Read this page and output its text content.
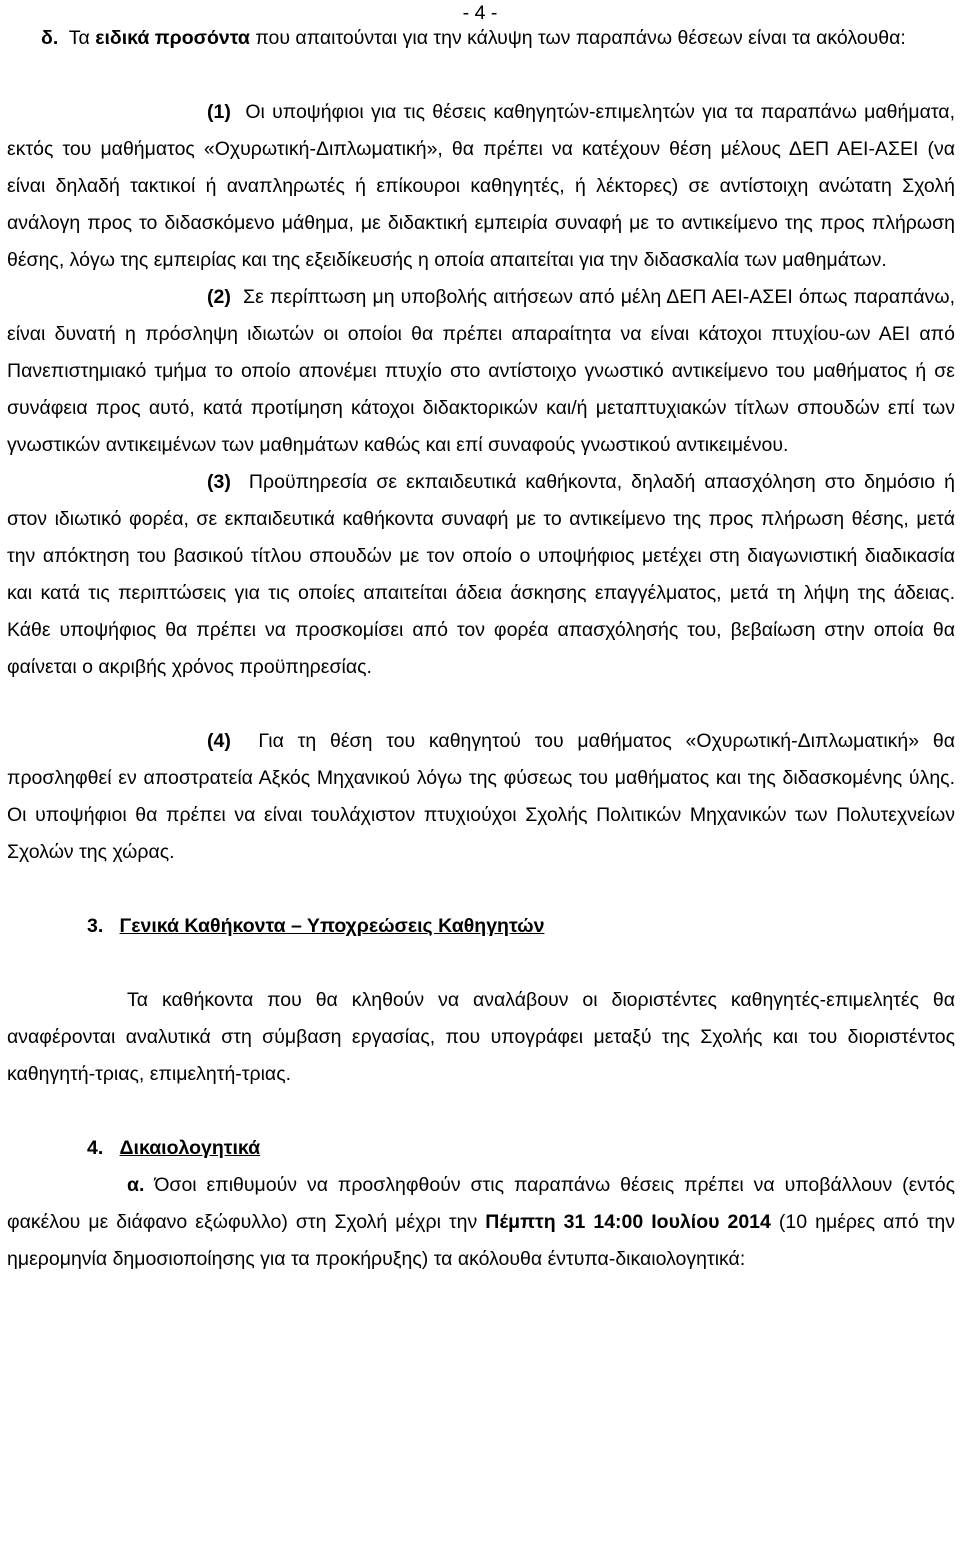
- 4 -

δ. Τα ειδικά προσόντα που απαιτούνται για την κάλυψη των παραπάνω θέσεων είναι τα ακόλουθα:

(1) Οι υποψήφιοι για τις θέσεις καθηγητών-επιμελητών για τα παραπάνω μαθήματα, εκτός του μαθήματος «Οχυρωτική-Διπλωματική», θα πρέπει να κατέχουν θέση μέλους ΔΕΠ ΑΕΙ-ΑΣΕΙ (να είναι δηλαδή τακτικοί ή αναπληρωτές ή επίκουροι καθηγητές, ή λέκτορες) σε αντίστοιχη ανώτατη Σχολή ανάλογη προς το διδασκόμενο μάθημα, με διδακτική εμπειρία συναφή με το αντικείμενο της προς πλήρωση θέσης, λόγω της εμπειρίας και της εξειδίκευσής η οποία απαιτείται για την διδασκαλία των μαθημάτων.

(2) Σε περίπτωση μη υποβολής αιτήσεων από μέλη ΔΕΠ ΑΕΙ-ΑΣΕΙ όπως παραπάνω, είναι δυνατή η πρόσληψη ιδιωτών οι οποίοι θα πρέπει απαραίτητα να είναι κάτοχοι πτυχίου-ων ΑΕΙ από Πανεπιστημιακό τμήμα το οποίο απονέμει πτυχίο στο αντίστοιχο γνωστικό αντικείμενο του μαθήματος ή σε συνάφεια προς αυτό, κατά προτίμηση κάτοχοι διδακτορικών και/ή μεταπτυχιακών τίτλων σπουδών επί των γνωστικών αντικειμένων των μαθημάτων καθώς και επί συναφούς γνωστικού αντικειμένου.

(3) Προϋπηρεσία σε εκπαιδευτικά καθήκοντα, δηλαδή απασχόληση στο δημόσιο ή στον ιδιωτικό φορέα, σε εκπαιδευτικά καθήκοντα συναφή με το αντικείμενο της προς πλήρωση θέσης, μετά την απόκτηση του βασικού τίτλου σπουδών με τον οποίο ο υποψήφιος μετέχει στη διαγωνιστική διαδικασία και κατά τις περιπτώσεις για τις οποίες απαιτείται άδεια άσκησης επαγγέλματος, μετά τη λήψη της άδειας. Κάθε υποψήφιος θα πρέπει να προσκομίσει από τον φορέα απασχόλησής του, βεβαίωση στην οποία θα φαίνεται ο ακριβής χρόνος προϋπηρεσίας.

(4) Για τη θέση του καθηγητού του μαθήματος «Οχυρωτική-Διπλωματική» θα προσληφθεί εν αποστρατεία Αξκός Μηχανικού λόγω της φύσεως του μαθήματος και της διδασκομένης ύλης. Οι υποψήφιοι θα πρέπει να είναι τουλάχιστον πτυχιούχοι Σχολής Πολιτικών Μηχανικών των Πολυτεχνείων Σχολών της χώρας.

3. Γενικά Καθήκοντα – Υποχρεώσεις Καθηγητών

Τα καθήκοντα που θα κληθούν να αναλάβουν οι διοριστέντες καθηγητές-επιμελητές θα αναφέρονται αναλυτικά στη σύμβαση εργασίας, που υπογράφει μεταξύ της Σχολής και του διοριστέντος καθηγητή-τριας, επιμελητή-τριας.

4. Δικαιολογητικά

α. Όσοι επιθυμούν να προσληφθούν στις παραπάνω θέσεις πρέπει να υποβάλλουν (εντός φακέλου με διάφανο εξώφυλλο) στη Σχολή μέχρι την Πέμπτη 31 14:00 Ιουλίου 2014 (10 ημέρες από την ημερομηνία δημοσιοποίησης για τα προκήρυξης) τα ακόλουθα έντυπα-δικαιολογητικά:
